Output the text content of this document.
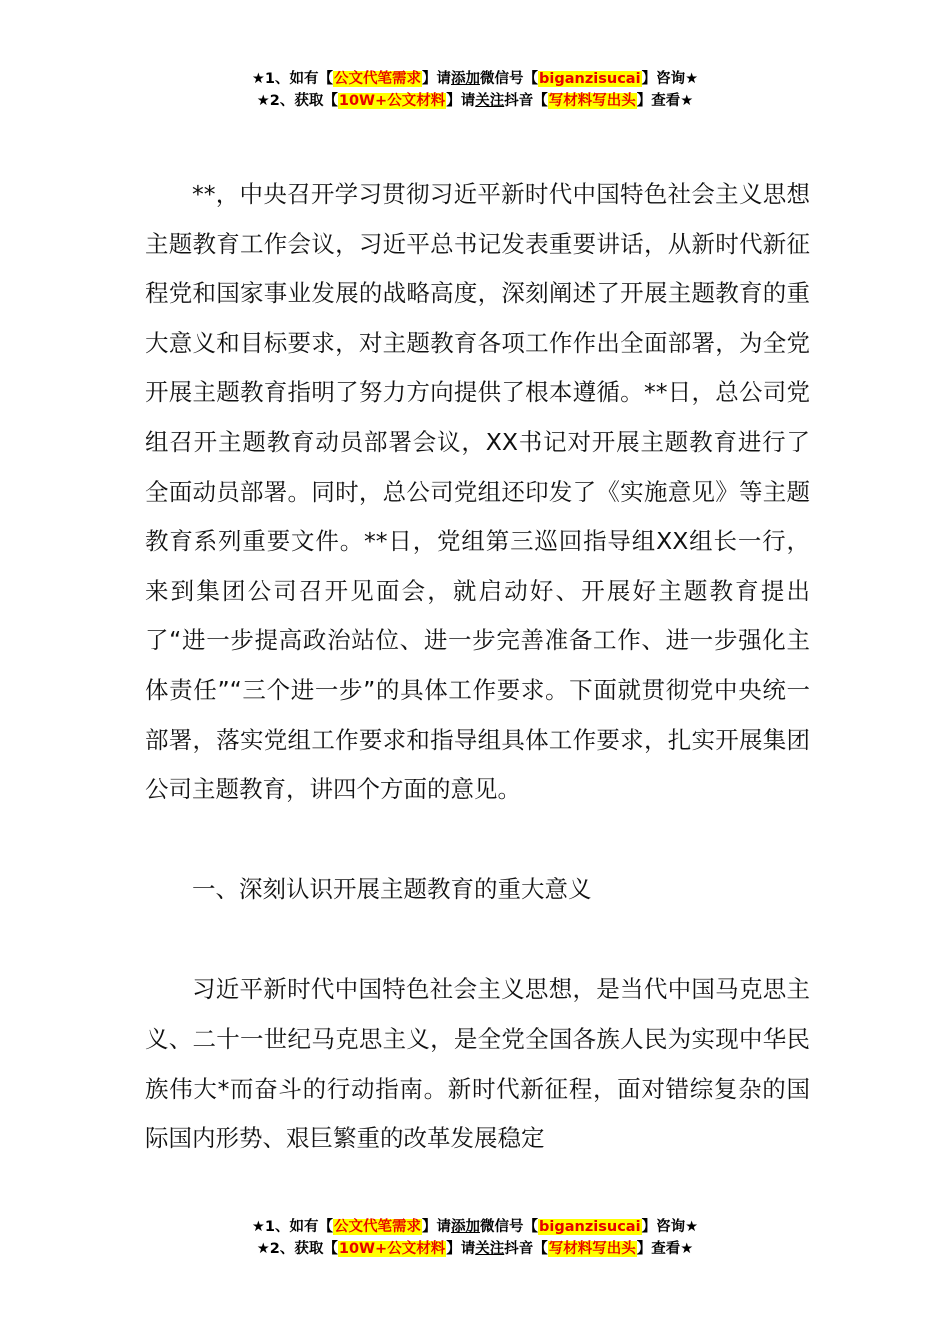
★1、如有【公文代笔需求】请添加微信号【biganzisucai】咨询★
★2、获取【10W+公文材料】请关注抖音【写材料写出头】查看★

**，中央召开学习贯彻习近平新时代中国特色社会主义思想主题教育工作会议，习近平总书记发表重要讲话，从新时代新征程党和国家事业发展的战略高度，深刻阐述了开展主题教育的重大意义和目标要求，对主题教育各项工作作出全面部署，为全党开展主题教育指明了努力方向提供了根本遵循。**日，总公司党组召开主题教育动员部署会议，XX书记对开展主题教育进行了全面动员部署。同时，总公司党组还印发了《实施意见》等主题教育系列重要文件。**日，党组第三巡回指导组XX组长一行，来到集团公司召开见面会，就启动好、开展好主题教育提出了“进一步提高政治站位、进一步完善准备工作、进一步强化主体责任”“三个进一步”的具体工作要求。下面就贯彻党中央统一部署，落实党组工作要求和指导组具体工作要求，扎实开展集团公司主题教育，讲四个方面的意见。

一、深刻认识开展主题教育的重大意义

习近平新时代中国特色社会主义思想，是当代中国马克思主义、二十一世纪马克思主义，是全党全国各族人民为实现中华民族伟大*而奋斗的行动指南。新时代新征程，面对错综复杂的国际国内形势、艰巨繁重的改革发展稳定

★1、如有【公文代笔需求】请添加微信号【biganzisucai】咨询★
★2、获取【10W+公文材料】请关注抖音【写材料写出头】查看★
